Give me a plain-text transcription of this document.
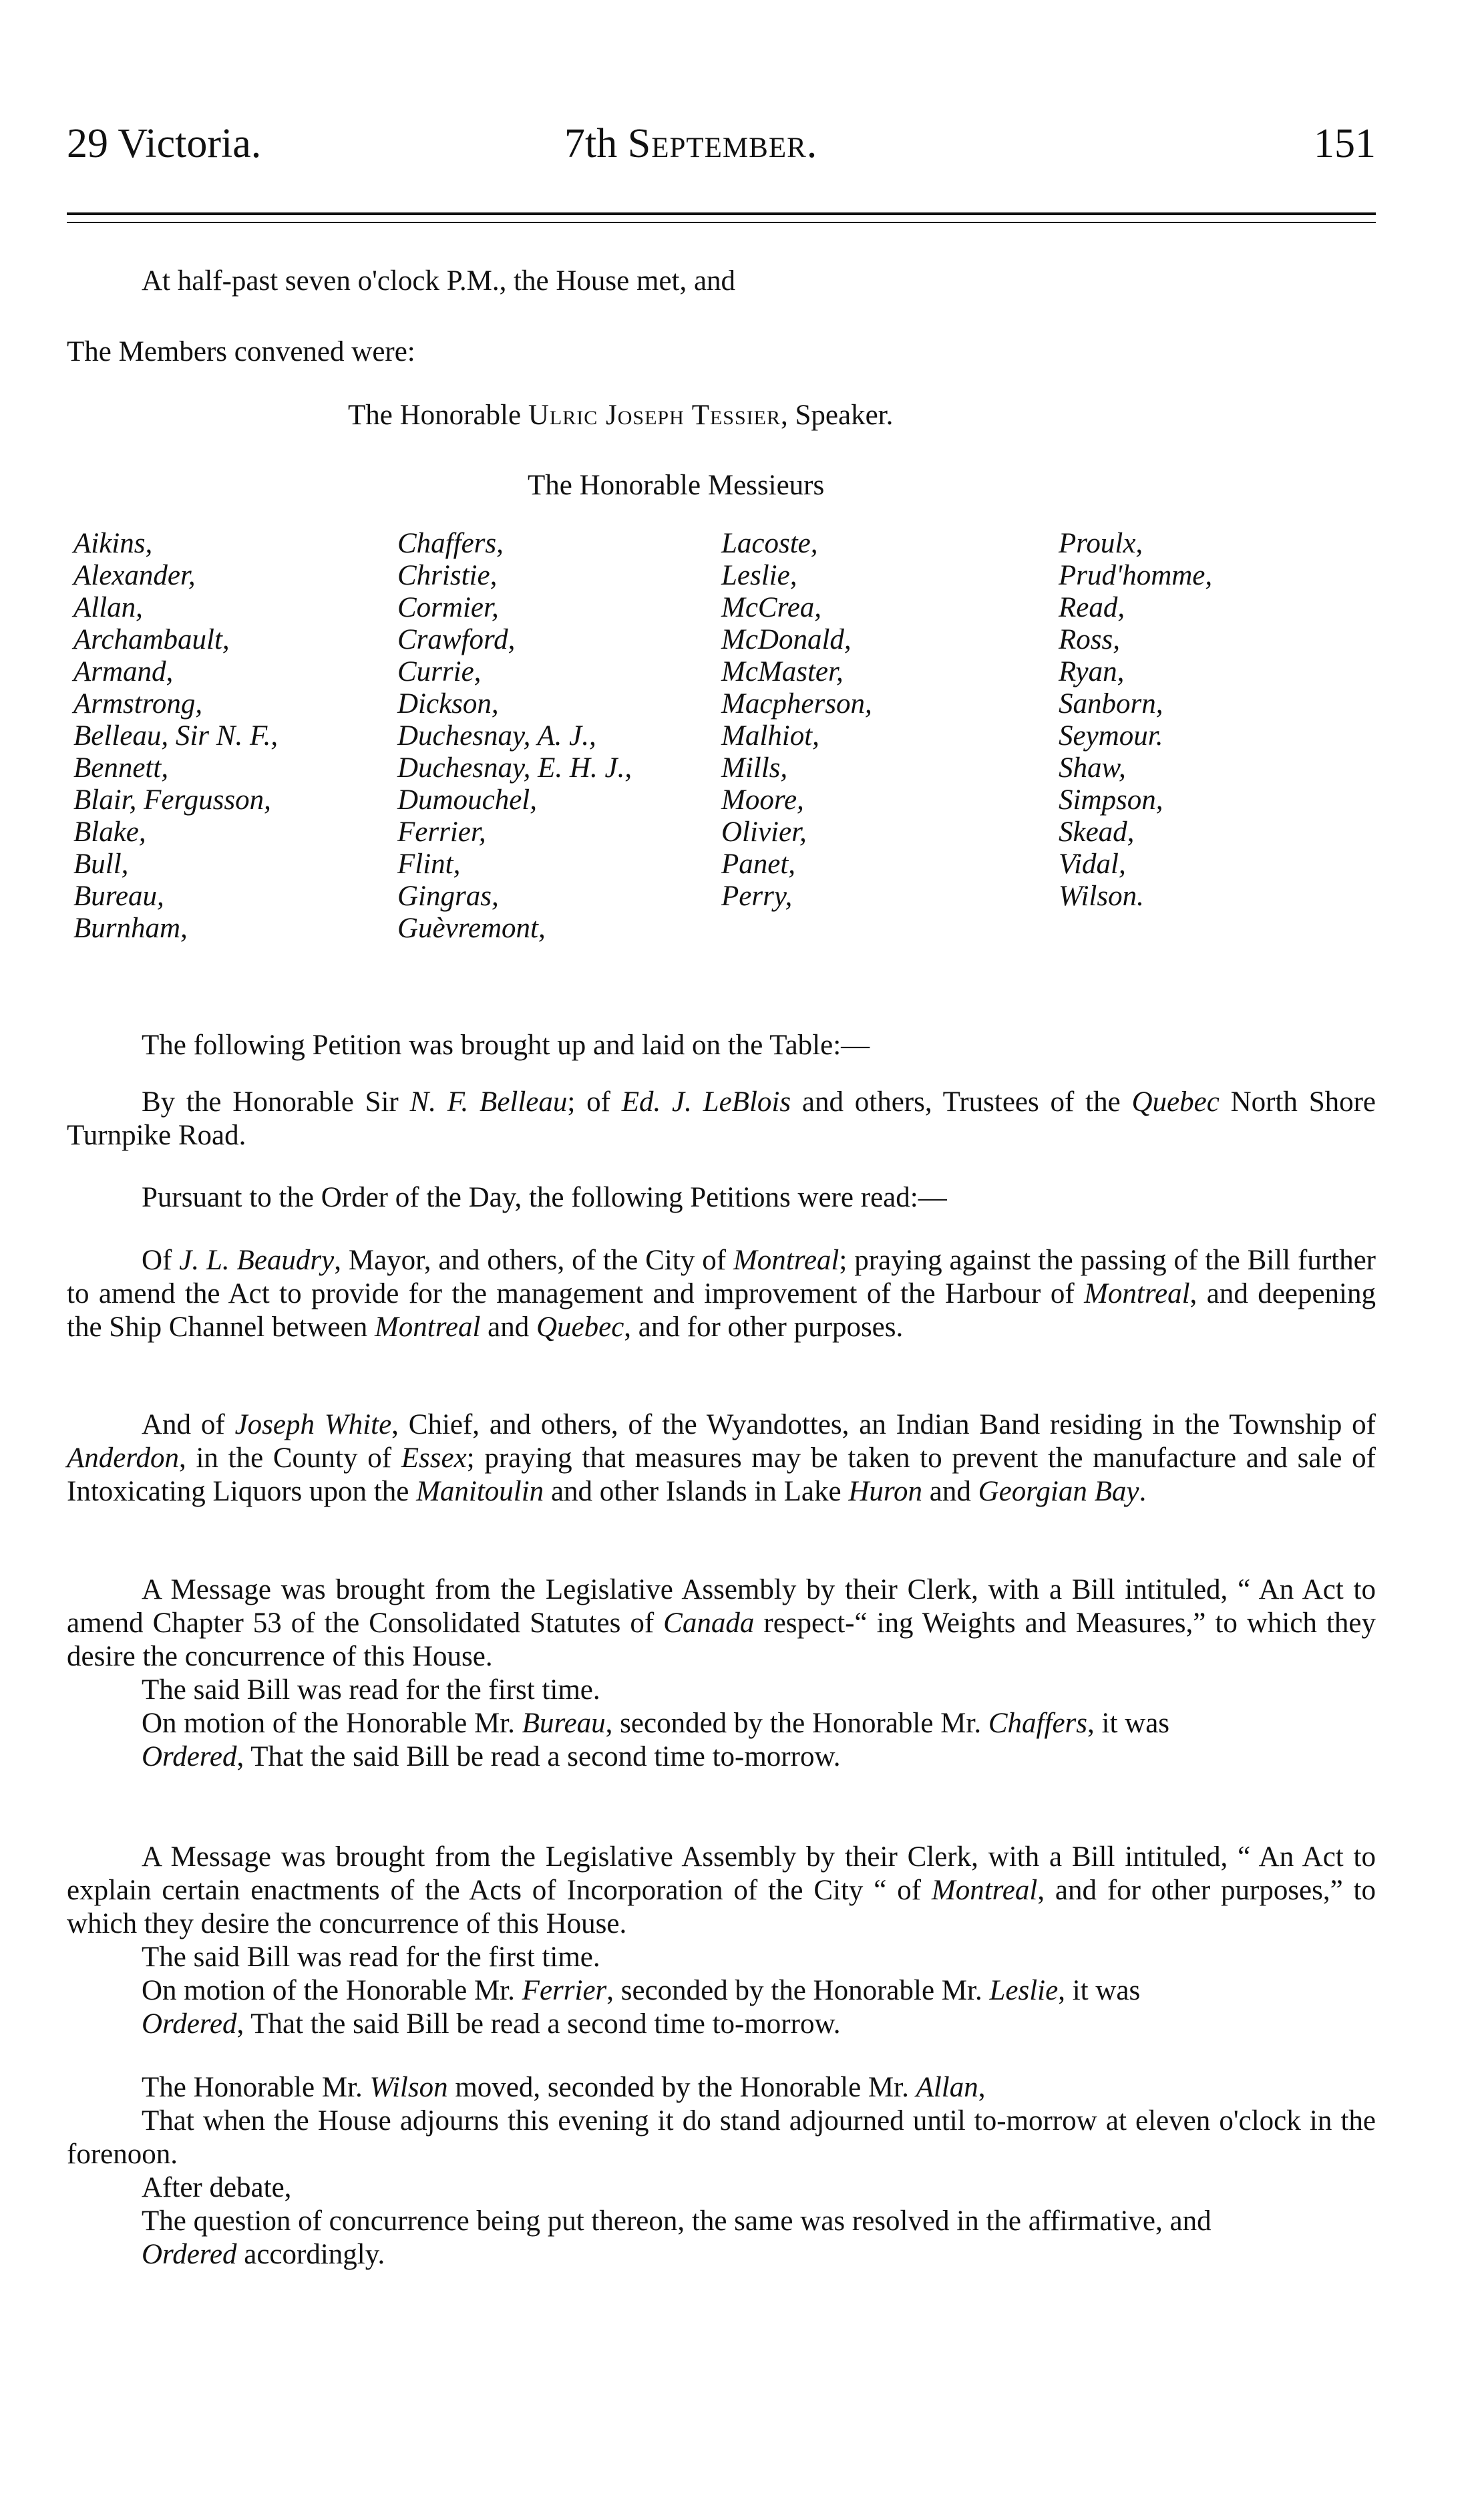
29 Victoria.	7th September.	151
At half-past seven o'clock P.M., the House met, and
The Members convened were:
The Honorable Ulric Joseph Tessier, Speaker.
The Honorable Messieurs
Aikins,
Alexander,
Allan,
Archambault,
Armand,
Armstrong,
Belleau, Sir N. F.,
Bennett,
Blair, Fergusson,
Blake,
Bull,
Bureau,
Burnham,
Chaffers,
Christie,
Cormier,
Crawford,
Currie,
Dickson,
Duchesnay, A. J.,
Duchesnay, E. H. J.,
Dumouchel,
Ferrier,
Flint,
Gingras,
Guèvremont,
Lacoste,
Leslie,
McCrea,
McDonald,
McMaster,
Macpherson,
Malhiot,
Mills,
Moore,
Olivier,
Panet,
Perry,
Proulx,
Prud'homme,
Read,
Ross,
Ryan,
Sanborn,
Seymour.
Shaw,
Simpson,
Skead,
Vidal,
Wilson.
The following Petition was brought up and laid on the Table:—
By the Honorable Sir N. F. Belleau; of Ed. J. LeBlois and others, Trustees of the Quebec North Shore Turnpike Road.
Pursuant to the Order of the Day, the following Petitions were read:—
Of J. L. Beaudry, Mayor, and others, of the City of Montreal; praying against the passing of the Bill further to amend the Act to provide for the management and improvement of the Harbour of Montreal, and deepening the Ship Channel between Montreal and Quebec, and for other purposes.
And of Joseph White, Chief, and others, of the Wyandottes, an Indian Band residing in the Township of Anderdon, in the County of Essex; praying that measures may be taken to prevent the manufacture and sale of Intoxicating Liquors upon the Manitoulin and other Islands in Lake Huron and Georgian Bay.

A Message was brought from the Legislative Assembly by their Clerk, with a Bill intituled, “ An Act to amend Chapter 53 of the Consolidated Statutes of Canada respect-“ ing Weights and Measures,” to which they desire the concurrence of this House.

The said Bill was read for the first time.

On motion of the Honorable Mr. Bureau, seconded by the Honorable Mr. Chaffers, it was

Ordered, That the said Bill be read a second time to-morrow.

A Message was brought from the Legislative Assembly by their Clerk, with a Bill intituled, “ An Act to explain certain enactments of the Acts of Incorporation of the City “ of Montreal, and for other purposes,” to which they desire the concurrence of this House.

The said Bill was read for the first time.

On motion of the Honorable Mr. Ferrier, seconded by the Honorable Mr. Leslie, it was

Ordered, That the said Bill be read a second time to-morrow.

The Honorable Mr. Wilson moved, seconded by the Honorable Mr. Allan,

That when the House adjourns this evening it do stand adjourned until to-morrow at eleven o'clock in the forenoon.

After debate,

The question of concurrence being put thereon, the same was resolved in the affirmative, and

Ordered accordingly.
